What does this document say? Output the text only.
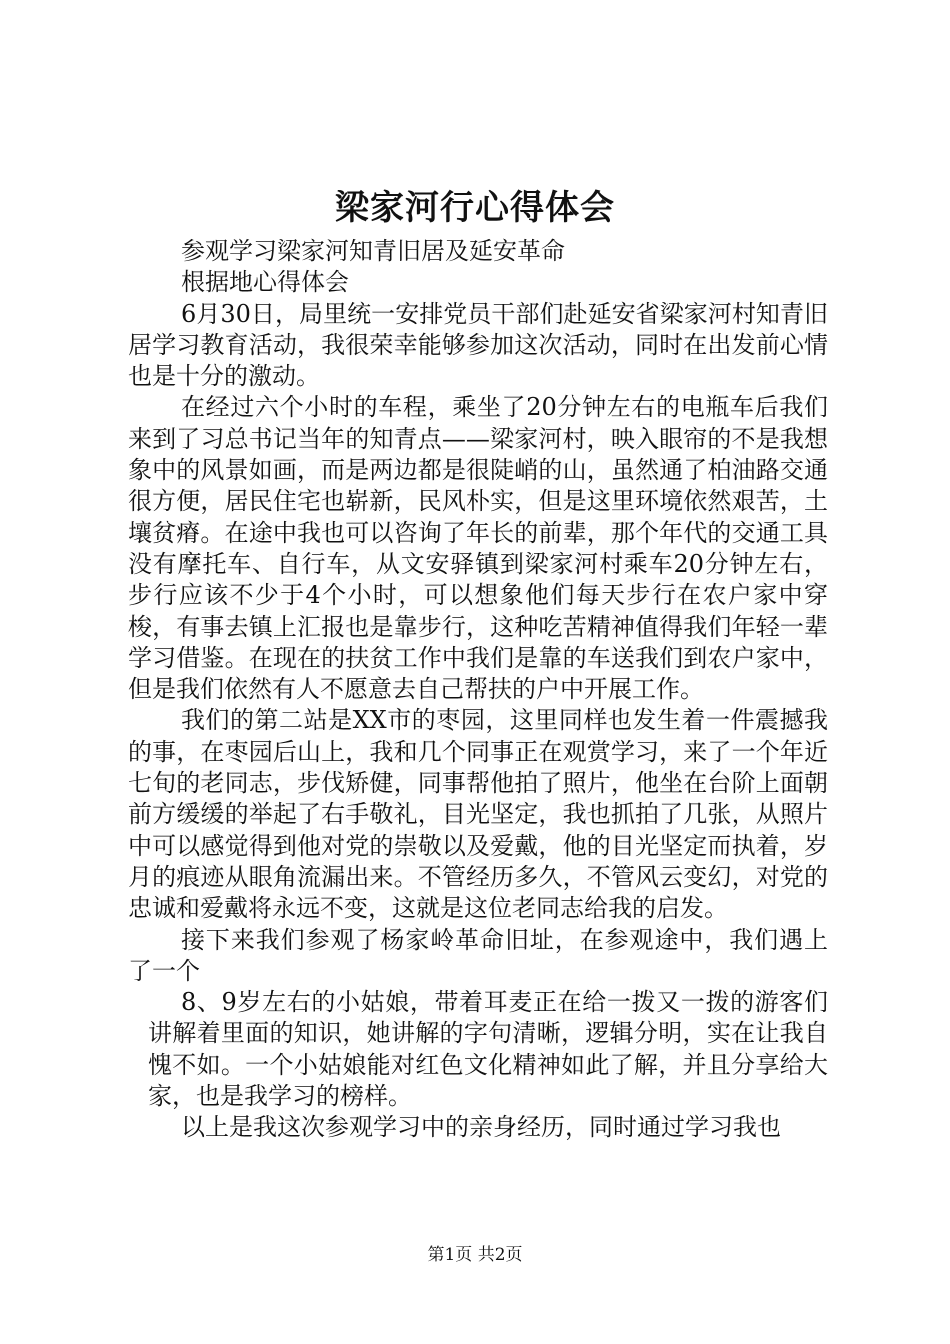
梁家河行心得体会

参观学习梁家河知青旧居及延安革命

根据地心得体会

6月30日，局里统一安排党员干部们赴延安省梁家河村知青旧居学习教育活动，我很荣幸能够参加这次活动，同时在出发前心情也是十分的激动。

在经过六个小时的车程，乘坐了20分钟左右的电瓶车后我们来到了习总书记当年的知青点——梁家河村，映入眼帘的不是我想象中的风景如画，而是两边都是很陡峭的山，虽然通了柏油路交通很方便，居民住宅也崭新，民风朴实，但是这里环境依然艰苦，土壤贫瘠。在途中我也可以咨询了年长的前辈，那个年代的交通工具没有摩托车、自行车，从文安驿镇到梁家河村乘车20分钟左右，步行应该不少于4个小时，可以想象他们每天步行在农户家中穿梭，有事去镇上汇报也是靠步行，这种吃苦精神值得我们年轻一辈学习借鉴。在现在的扶贫工作中我们是靠的车送我们到农户家中，但是我们依然有人不愿意去自己帮扶的户中开展工作。

我们的第二站是XX市的枣园，这里同样也发生着一件震撼我的事，在枣园后山上，我和几个同事正在观赏学习，来了一个年近七旬的老同志，步伐矫健，同事帮他拍了照片，他坐在台阶上面朝前方缓缓的举起了右手敬礼，目光坚定，我也抓拍了几张，从照片中可以感觉得到他对党的崇敬以及爱戴，他的目光坚定而执着，岁月的痕迹从眼角流漏出来。不管经历多久，不管风云变幻，对党的忠诚和爱戴将永远不变，这就是这位老同志给我的启发。

接下来我们参观了杨家岭革命旧址，在参观途中，我们遇上了一个

8、9岁左右的小姑娘，带着耳麦正在给一拨又一拨的游客们讲解着里面的知识，她讲解的字句清晰，逻辑分明，实在让我自愧不如。一个小姑娘能对红色文化精神如此了解，并且分享给大家，也是我学习的榜样。

以上是我这次参观学习中的亲身经历，同时通过学习我也

第1页 共2页
